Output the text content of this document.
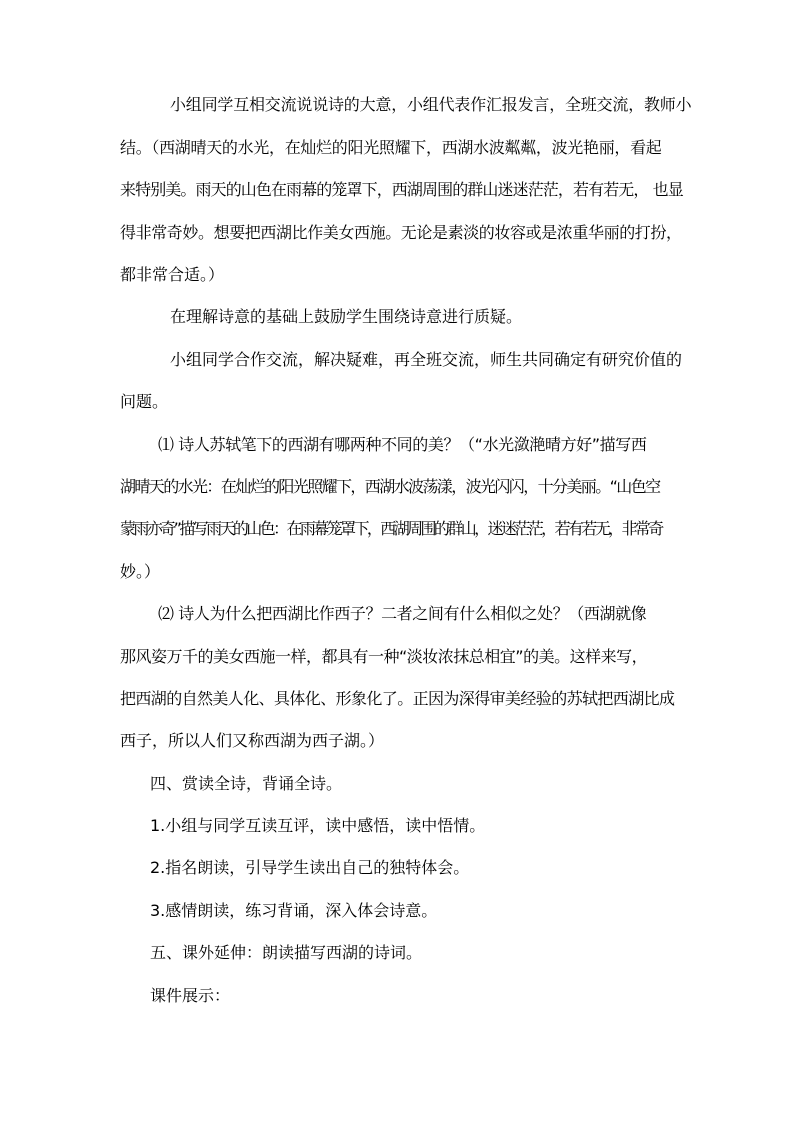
小组同学互相交流说说诗的大意，小组代表作汇报发言，全班交流，教师小
结。（西湖晴天的水光，在灿烂的阳光照耀下，西湖水波粼粼，波光艳丽，看起
来特别美。雨天的山色在雨幕的笼罩下，西湖周围的群山迷迷茫茫，若有若无， 也显
得非常奇妙。想要把西湖比作美女西施。无论是素淡的妆容或是浓重华丽的打扮，
都非常合适。）
在理解诗意的基础上鼓励学生围绕诗意进行质疑。
小组同学合作交流，解决疑难，再全班交流，师生共同确定有研究价值的
问题。
⑴ 诗人苏轼笔下的西湖有哪两种不同的美？（“水光潋滟晴方好”描写西
湖晴天的水光：在灿烂的阳光照耀下，西湖水波荡漾，波光闪闪，十分美丽。“山色空
蒙雨亦奇”描写雨天的山色：在雨幕笼罩下，西湖周围的群山，迷迷茫茫，若有若无，非常奇
妙。）
⑵ 诗人为什么把西湖比作西子？二者之间有什么相似之处？（西湖就像
那风姿万千的美女西施一样，都具有一种“淡妆浓抹总相宜”的美。这样来写，
把西湖的自然美人化、具体化、形象化了。正因为深得审美经验的苏轼把西湖比成
西子，所以人们又称西湖为西子湖。）
四、赏读全诗，背诵全诗。
1.小组与同学互读互评，读中感悟，读中悟情。
2.指名朗读，引导学生读出自己的独特体会。
3.感情朗读，练习背诵，深入体会诗意。
五、课外延伸：朗读描写西湖的诗词。
课件展示：
